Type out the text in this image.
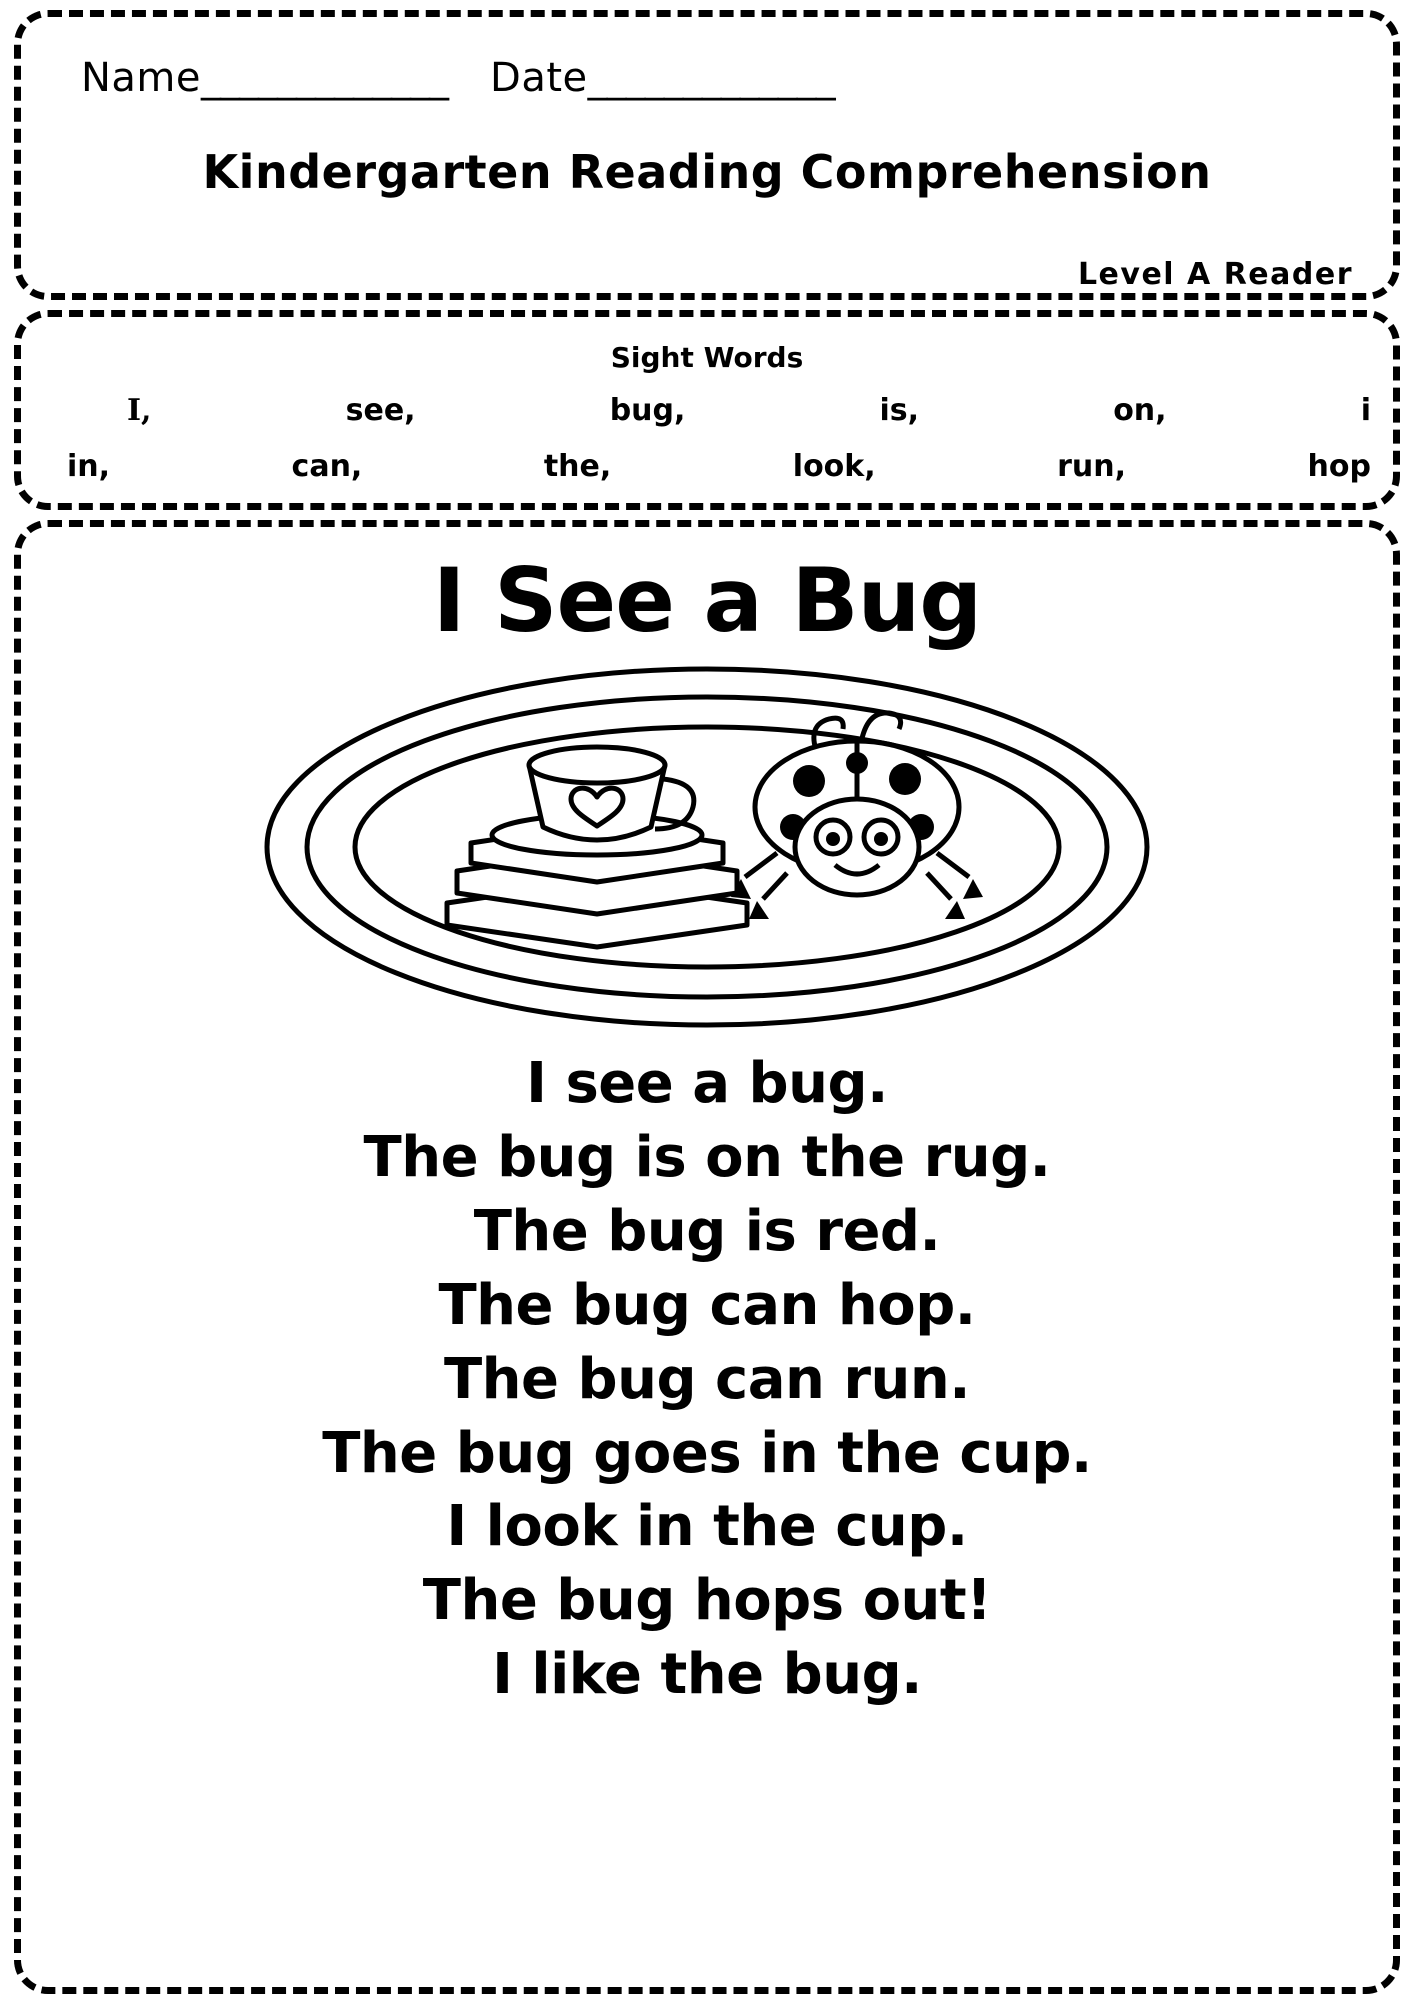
Name_____________ Date_____________
Kindergarten Reading Comprehension
Level A Reader
Sight Words
I,	see,	bug,	is,	on,	i
in,	can,	the,	look,	run,	hop
I See a Bug
I see a bug.
The bug is on the rug.
The bug is red.
The bug can hop.
The bug can run.
The bug goes in the cup.
I look in the cup.
The bug hops out!
I like the bug.
